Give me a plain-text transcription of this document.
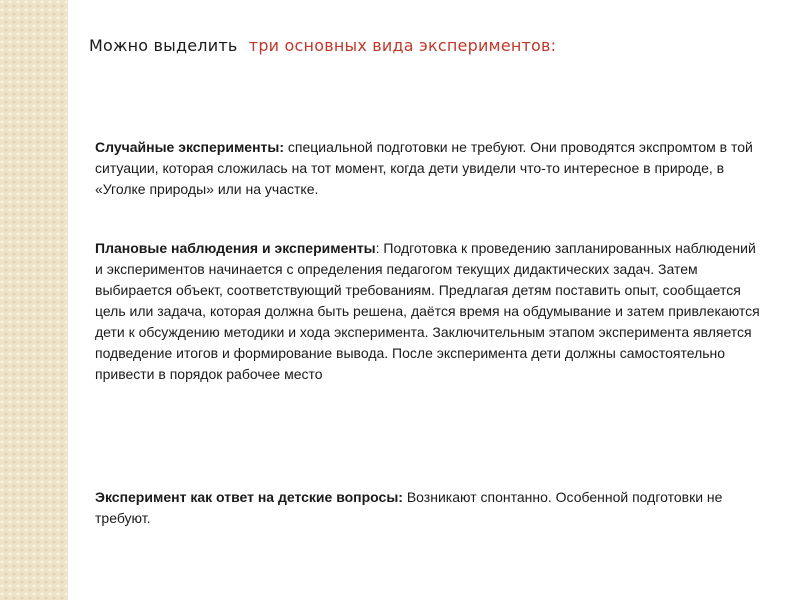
Можно выделить три основных вида экспериментов:
Случайные эксперименты: специальной подготовки не требуют. Они проводятся экспромтом в той ситуации, которая сложилась на тот момент, когда дети увидели что-то интересное в природе, в «Уголке природы» или на участке.
Плановые наблюдения и эксперименты: Подготовка к проведению запланированных наблюдений и экспериментов начинается с определения педагогом текущих дидактических задач. Затем выбирается объект, соответствующий требованиям. Предлагая детям поставить опыт, сообщается цель или задача, которая должна быть решена, даётся время на обдумывание и затем привлекаются дети к обсуждению методики и хода эксперимента. Заключительным этапом эксперимента является подведение итогов и формирование вывода. После эксперимента дети должны самостоятельно привести в порядок рабочее место
Эксперимент как ответ на детские вопросы: Возникают спонтанно. Особенной подготовки не требуют.
